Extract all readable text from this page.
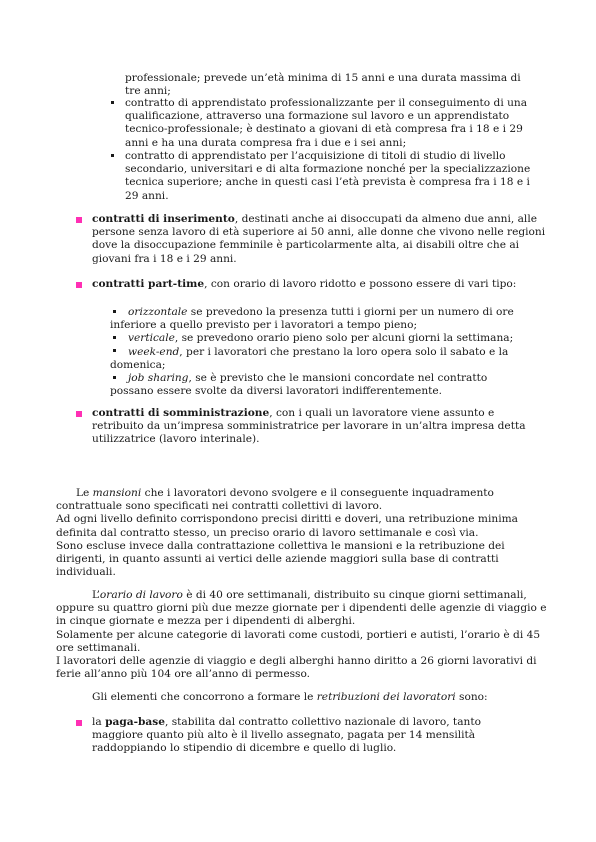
professionale; prevede un’età minima di 15 anni e una durata massima di tre anni;

contratto di apprendistato professionalizzante per il conseguimento di una qualificazione, attraverso una formazione sul lavoro e un apprendistato tecnico-professionale; è destinato a giovani di età compresa fra i 18 e i 29 anni e ha una durata compresa fra i due e i sei anni;

contratto di apprendistato per l’acquisizione di titoli di studio di livello secondario, universitari e di alta formazione nonché per la specializzazione tecnica superiore; anche in questi casi l’età prevista è compresa fra i 18 e i 29 anni.

contratti di inserimento, destinati anche ai disoccupati da almeno due anni, alle persone senza lavoro di età superiore ai 50 anni, alle donne che vivono nelle regioni dove la disoccupazione femminile è particolarmente alta, ai disabili oltre che ai giovani fra i 18 e i 29 anni.

contratti part-time, con orario di lavoro ridotto e possono essere di vari tipo:

orizzontale se prevedono la presenza tutti i giorni per un numero di ore inferiore a quello previsto per i lavoratori a tempo pieno;

verticale, se prevedono orario pieno solo per alcuni giorni la settimana;

week-end, per i lavoratori che prestano la loro opera solo il sabato e la domenica;

job sharing, se è previsto che le mansioni concordate nel contratto possano essere svolte da diversi lavoratori indifferentemente.

contratti di somministrazione, con i quali un lavoratore viene assunto e retribuito da un’impresa somministratrice per lavorare in un’altra impresa detta utilizzatrice (lavoro interinale).

Le mansioni che i lavoratori devono svolgere e il conseguente inquadramento contrattuale sono specificati nei contratti collettivi di lavoro.

Ad ogni livello definito corrispondono precisi diritti e doveri, una retribuzione minima definita dal contratto stesso, un preciso orario di lavoro settimanale e così via.

Sono escluse invece dalla contrattazione collettiva le mansioni e la retribuzione dei dirigenti, in quanto assunti ai vertici delle aziende maggiori sulla base di contratti individuali.

L’orario di lavoro è di 40 ore settimanali, distribuito su cinque giorni settimanali, oppure su quattro giorni più due mezze giornate per i dipendenti delle agenzie di viaggio e in cinque giornate e mezza per i dipendenti di alberghi.

Solamente per alcune categorie di lavorati come custodi, portieri e autisti, l’orario è di 45 ore settimanali.

I lavoratori delle agenzie di viaggio e degli alberghi hanno diritto a 26 giorni lavorativi di ferie all’anno più 104 ore all’anno di permesso.

Gli elementi che concorrono a formare le retribuzioni dei lavoratori sono:

la paga-base, stabilita dal contratto collettivo nazionale di lavoro, tanto maggiore quanto più alto è il livello assegnato, pagata per 14 mensilità raddoppiando lo stipendio di dicembre e quello di luglio.
